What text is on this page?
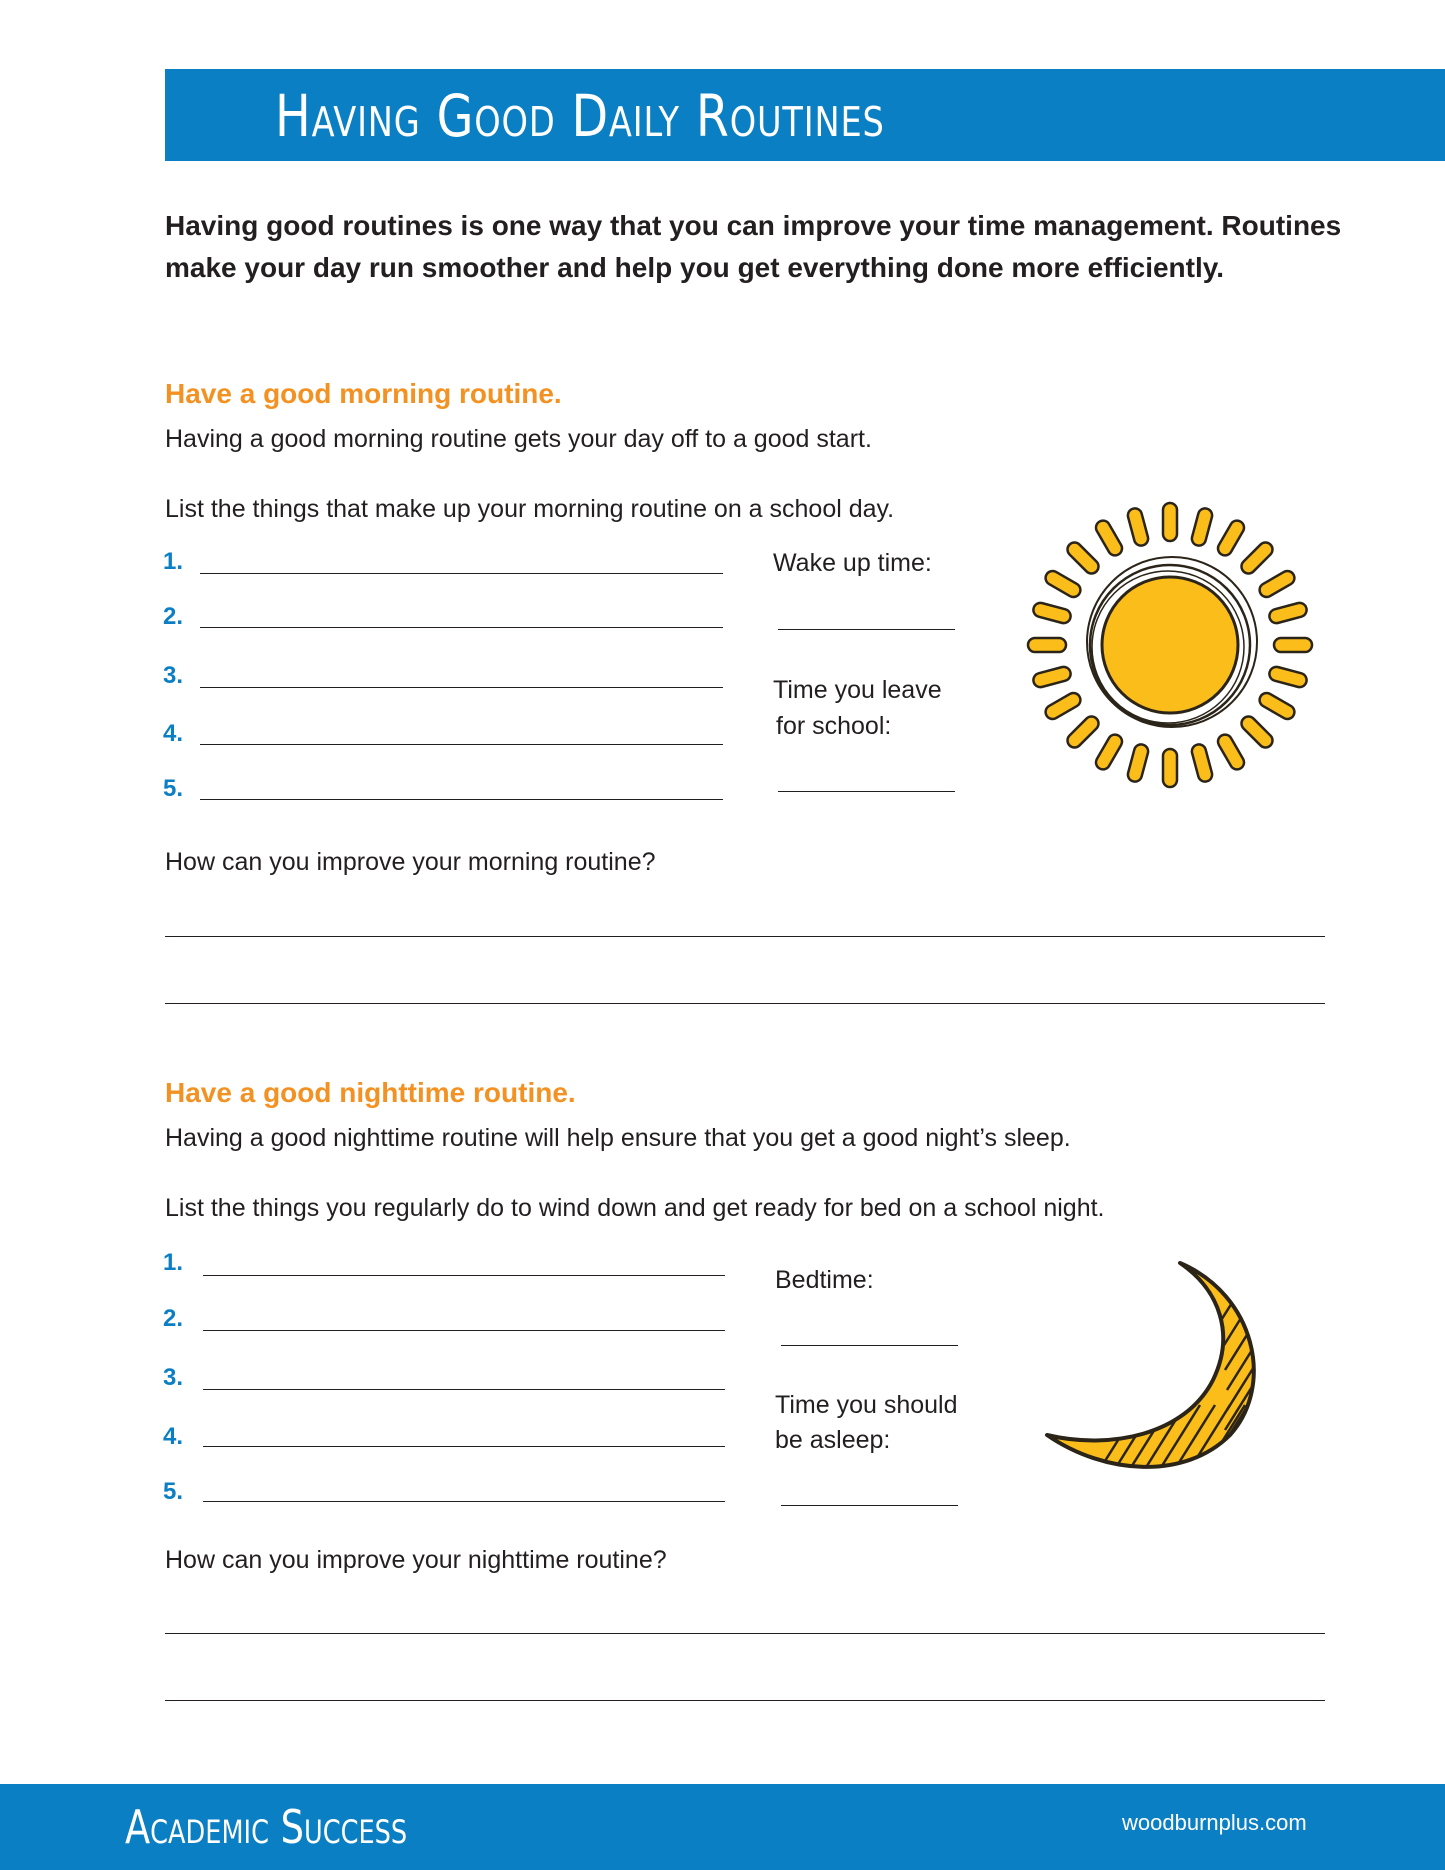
Having Good Daily Routines
Having good routines is one way that you can improve your time management. Routines make your day run smoother and help you get everything done more efficiently.
Have a good morning routine.
Having a good morning routine gets your day off to a good start.
List the things that make up your morning routine on a school day.
1.
2.
3.
4.
5.
Wake up time:
Time you leave
for school:
How can you improve your morning routine?
Have a good nighttime routine.
Having a good nighttime routine will help ensure that you get a good night’s sleep.
List the things you regularly do to wind down and get ready for bed on a school night.
1.
2.
3.
4.
5.
Bedtime:
Time you should
be asleep:
How can you improve your nighttime routine?
Academic Success	woodburnplus.com
